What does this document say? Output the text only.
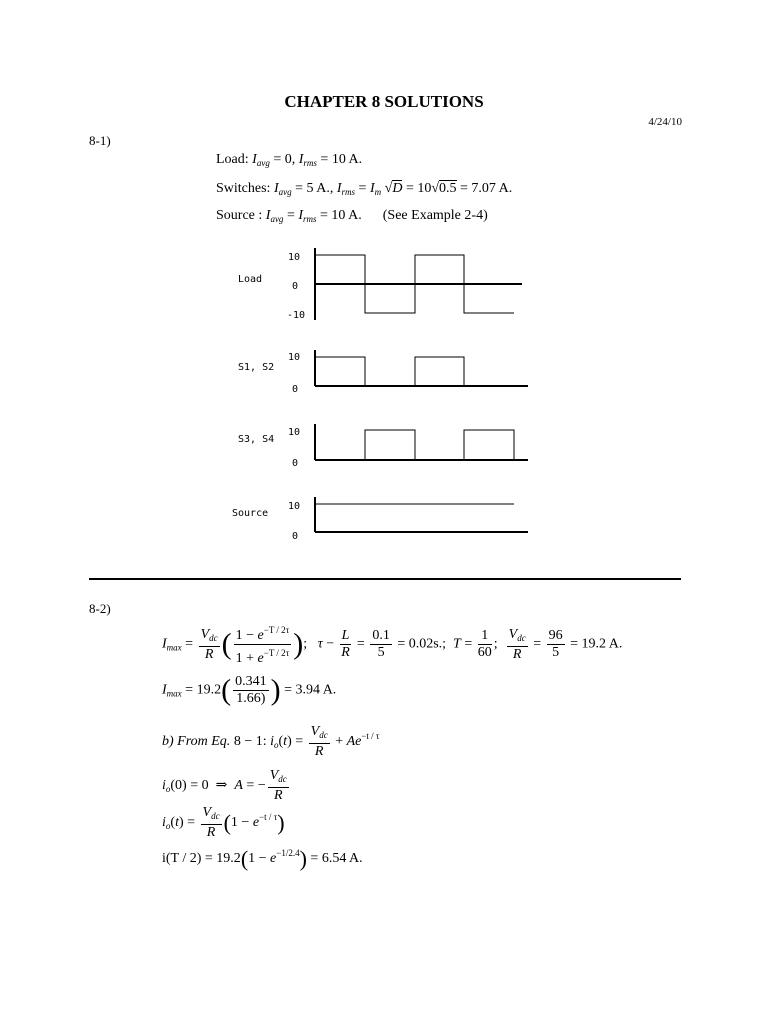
CHAPTER 8 SOLUTIONS
4/24/10
8-1)
Load: $I_{avg} = 0$, $I_{rms} = 10$ A.
Switches: $I_{avg} = 5$ A., $I_{rms} = I_m$ √D = 10√0.5 = 7.07 A.
Source : $I_{avg} = I_{rms} = 10$ A. (See Example 2-4)
Load
10
0
-10
S1, S2
10
0
S3, S4
10
0
Source
10
0
8-2)
$I_{max} = \frac{V_{dc}}{R}$ ( $\frac{1 - e^{-T / 2\tau}}{1 + e^{-T / 2\tau}}$ );   $\tau - \frac{L}{R} = \frac{0.1}{5} = 0.02s$.; $T = \frac{1}{60}$ ; $\frac{V_{dc}}{R} = \frac{96}{5} = 19.2$ A.
$I_{max} = 19.2( \frac{0.341}{1.66)}$ ) = 3.94 A.
b) From Eq. 8 − 1: $i_o(t) = \frac{V_{dc}}{R} + Ae^{-t / \tau}$
$i_o(0) = 0$  ⇒ A = − $\frac{V_{dc}}{R}$
$i_o(t) = \frac{V_{dc}}{R} (1 - e^{-t / \tau})$
$i(T / 2) = 19.2(1 - e^{-1/2.4}) = 6.54$ A.
